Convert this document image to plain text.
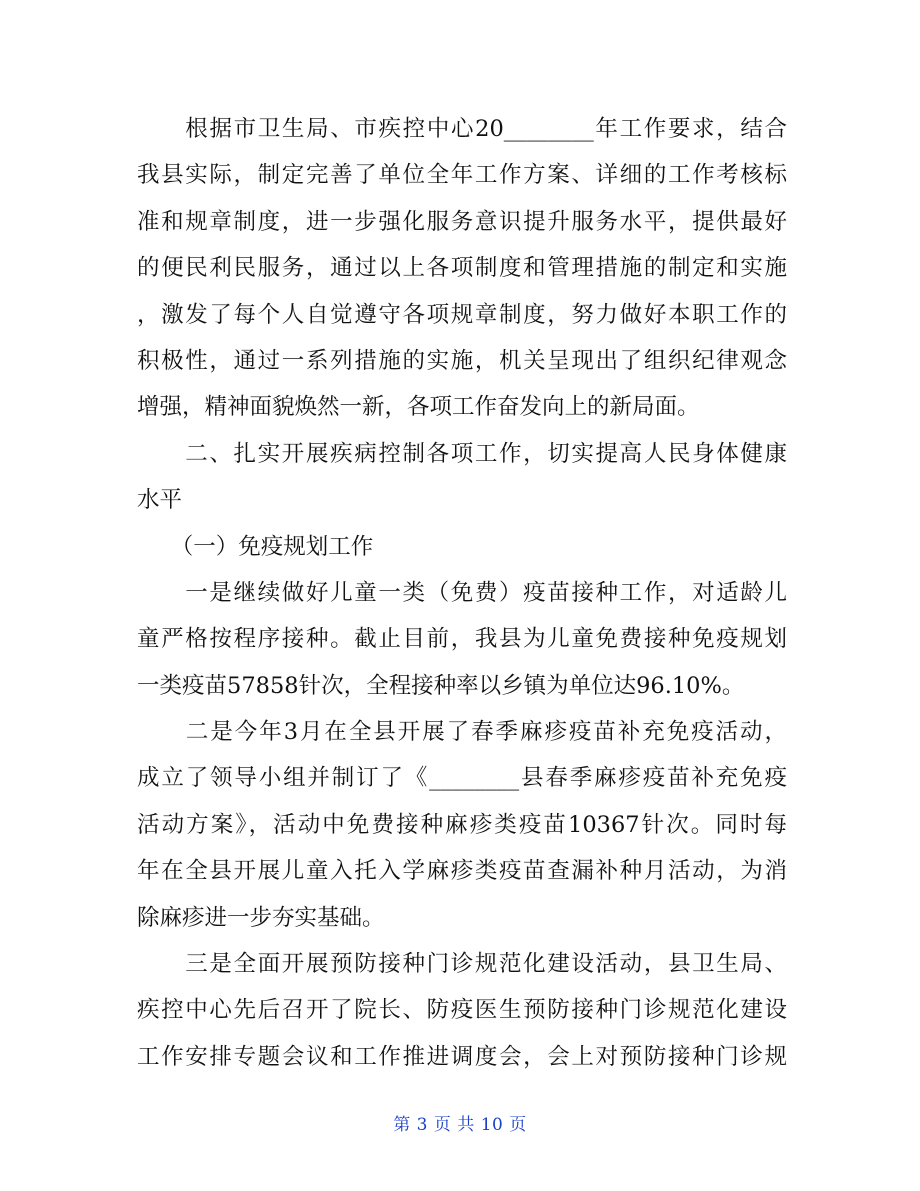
　　根据市卫生局、市疾控中心20________年工作要求，结合
我县实际，制定完善了单位全年工作方案、详细的工作考核标
准和规章制度，进一步强化服务意识提升服务水平，提供最好
的便民利民服务，通过以上各项制度和管理措施的制定和实施
，激发了每个人自觉遵守各项规章制度，努力做好本职工作的
积极性，通过一系列措施的实施，机关呈现出了组织纪律观念
增强，精神面貌焕然一新，各项工作奋发向上的新局面。
　　二、扎实开展疾病控制各项工作，切实提高人民身体健康
水平
　　（一）免疫规划工作
　　一是继续做好儿童一类（免费）疫苗接种工作，对适龄儿
童严格按程序接种。截止目前，我县为儿童免费接种免疫规划
一类疫苗57858针次，全程接种率以乡镇为单位达96.10%。
　　二是今年3月在全县开展了春季麻疹疫苗补充免疫活动，
成立了领导小组并制订了《________县春季麻疹疫苗补充免疫
活动方案》，活动中免费接种麻疹类疫苗10367针次。同时每
年在全县开展儿童入托入学麻疹类疫苗查漏补种月活动，为消
除麻疹进一步夯实基础。
　　三是全面开展预防接种门诊规范化建设活动，县卫生局、
疾控中心先后召开了院长、防疫医生预防接种门诊规范化建设
工作安排专题会议和工作推进调度会，会上对预防接种门诊规
第 3 页 共 10 页
